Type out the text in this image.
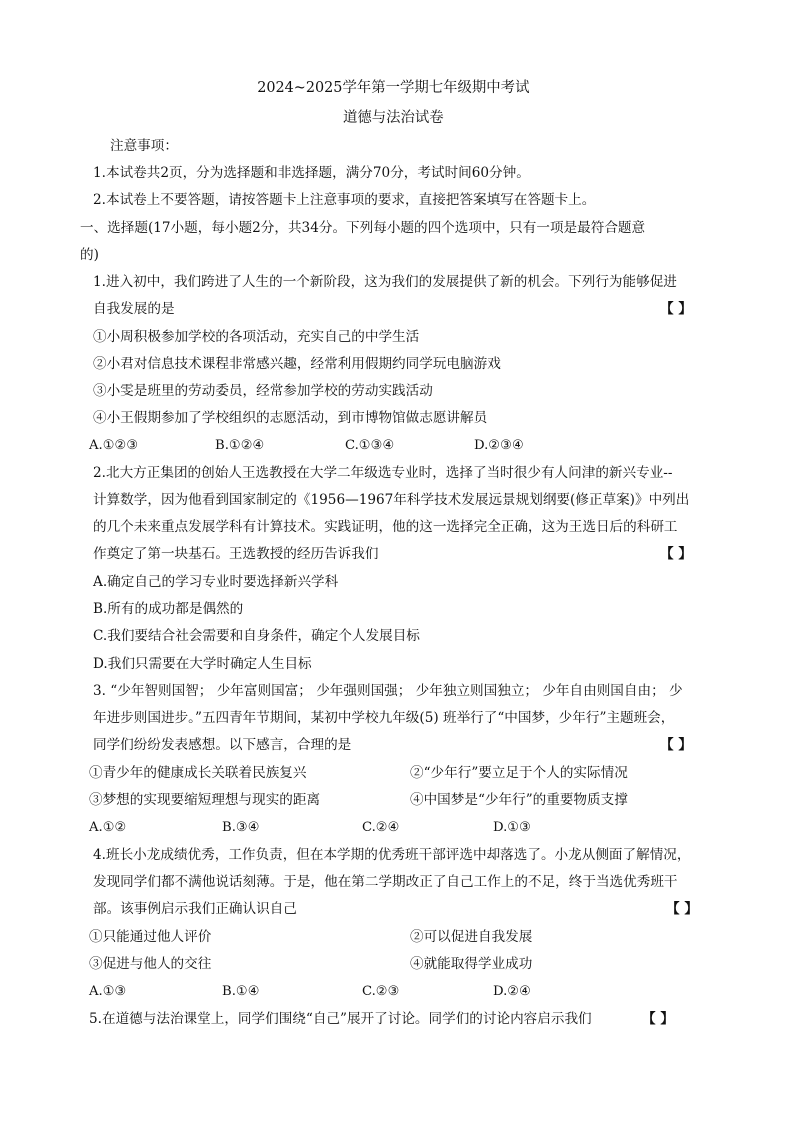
2024~2025学年第一学期七年级期中考试
道德与法治试卷
注意事项：
1.本试卷共2页，分为选择题和非选择题，满分70分，考试时间60分钟。
2.本试卷上不要答题，请按答题卡上注意事项的要求，直接把答案填写在答题卡上。
一、选择题(17小题，每小题2分，共34分。下列每小题的四个选项中，只有一项是最符合题意
的)
1.进入初中，我们跨进了人生的一个新阶段，这为我们的发展提供了新的机会。下列行为能够促进
自我发展的是	【 】
①小周积极参加学校的各项活动，充实自己的中学生活
②小君对信息技术课程非常感兴趣，经常利用假期约同学玩电脑游戏
③小雯是班里的劳动委员，经常参加学校的劳动实践活动
④小王假期参加了学校组织的志愿活动，到市博物馆做志愿讲解员
A.①②③	B.①②④	C.①③④	D.②③④
2.北大方正集团的创始人王选教授在大学二年级选专业时，选择了当时很少有人问津的新兴专业--
计算数学，因为他看到国家制定的《1956—1967年科学技术发展远景规划纲要(修正草案)》中列出
的几个未来重点发展学科有计算技术。实践证明，他的这一选择完全正确，这为王选日后的科研工
作奠定了第一块基石。王选教授的经历告诉我们	【 】
A.确定自己的学习专业时要选择新兴学科
B.所有的成功都是偶然的
C.我们要结合社会需要和自身条件，确定个人发展目标
D.我们只需要在大学时确定人生目标
3. “少年智则国智； 少年富则国富； 少年强则国强； 少年独立则国独立； 少年自由则国自由； 少
年进步则国进步。”五四青年节期间，某初中学校九年级(5) 班举行了“中国梦，少年行”主题班会，
同学们纷纷发表感想。以下感言，合理的是	【 】
①青少年的健康成长关联着民族复兴	②“少年行”要立足于个人的实际情况
③梦想的实现要缩短理想与现实的距离	④中国梦是“少年行”的重要物质支撑
A.①②	B.③④	C.②④	D.①③
4.班长小龙成绩优秀，工作负责，但在本学期的优秀班干部评选中却落选了。小龙从侧面了解情况，
发现同学们都不满他说话刻薄。于是，他在第二学期改正了自己工作上的不足，终于当选优秀班干
部。该事例启示我们正确认识自己	【 】
①只能通过他人评价	②可以促进自我发展
③促进与他人的交往	④就能取得学业成功
A.①③	B.①④	C.②③	D.②④
5.在道德与法治课堂上，同学们围绕“自己”展开了讨论。同学们的讨论内容启示我们	【 】
